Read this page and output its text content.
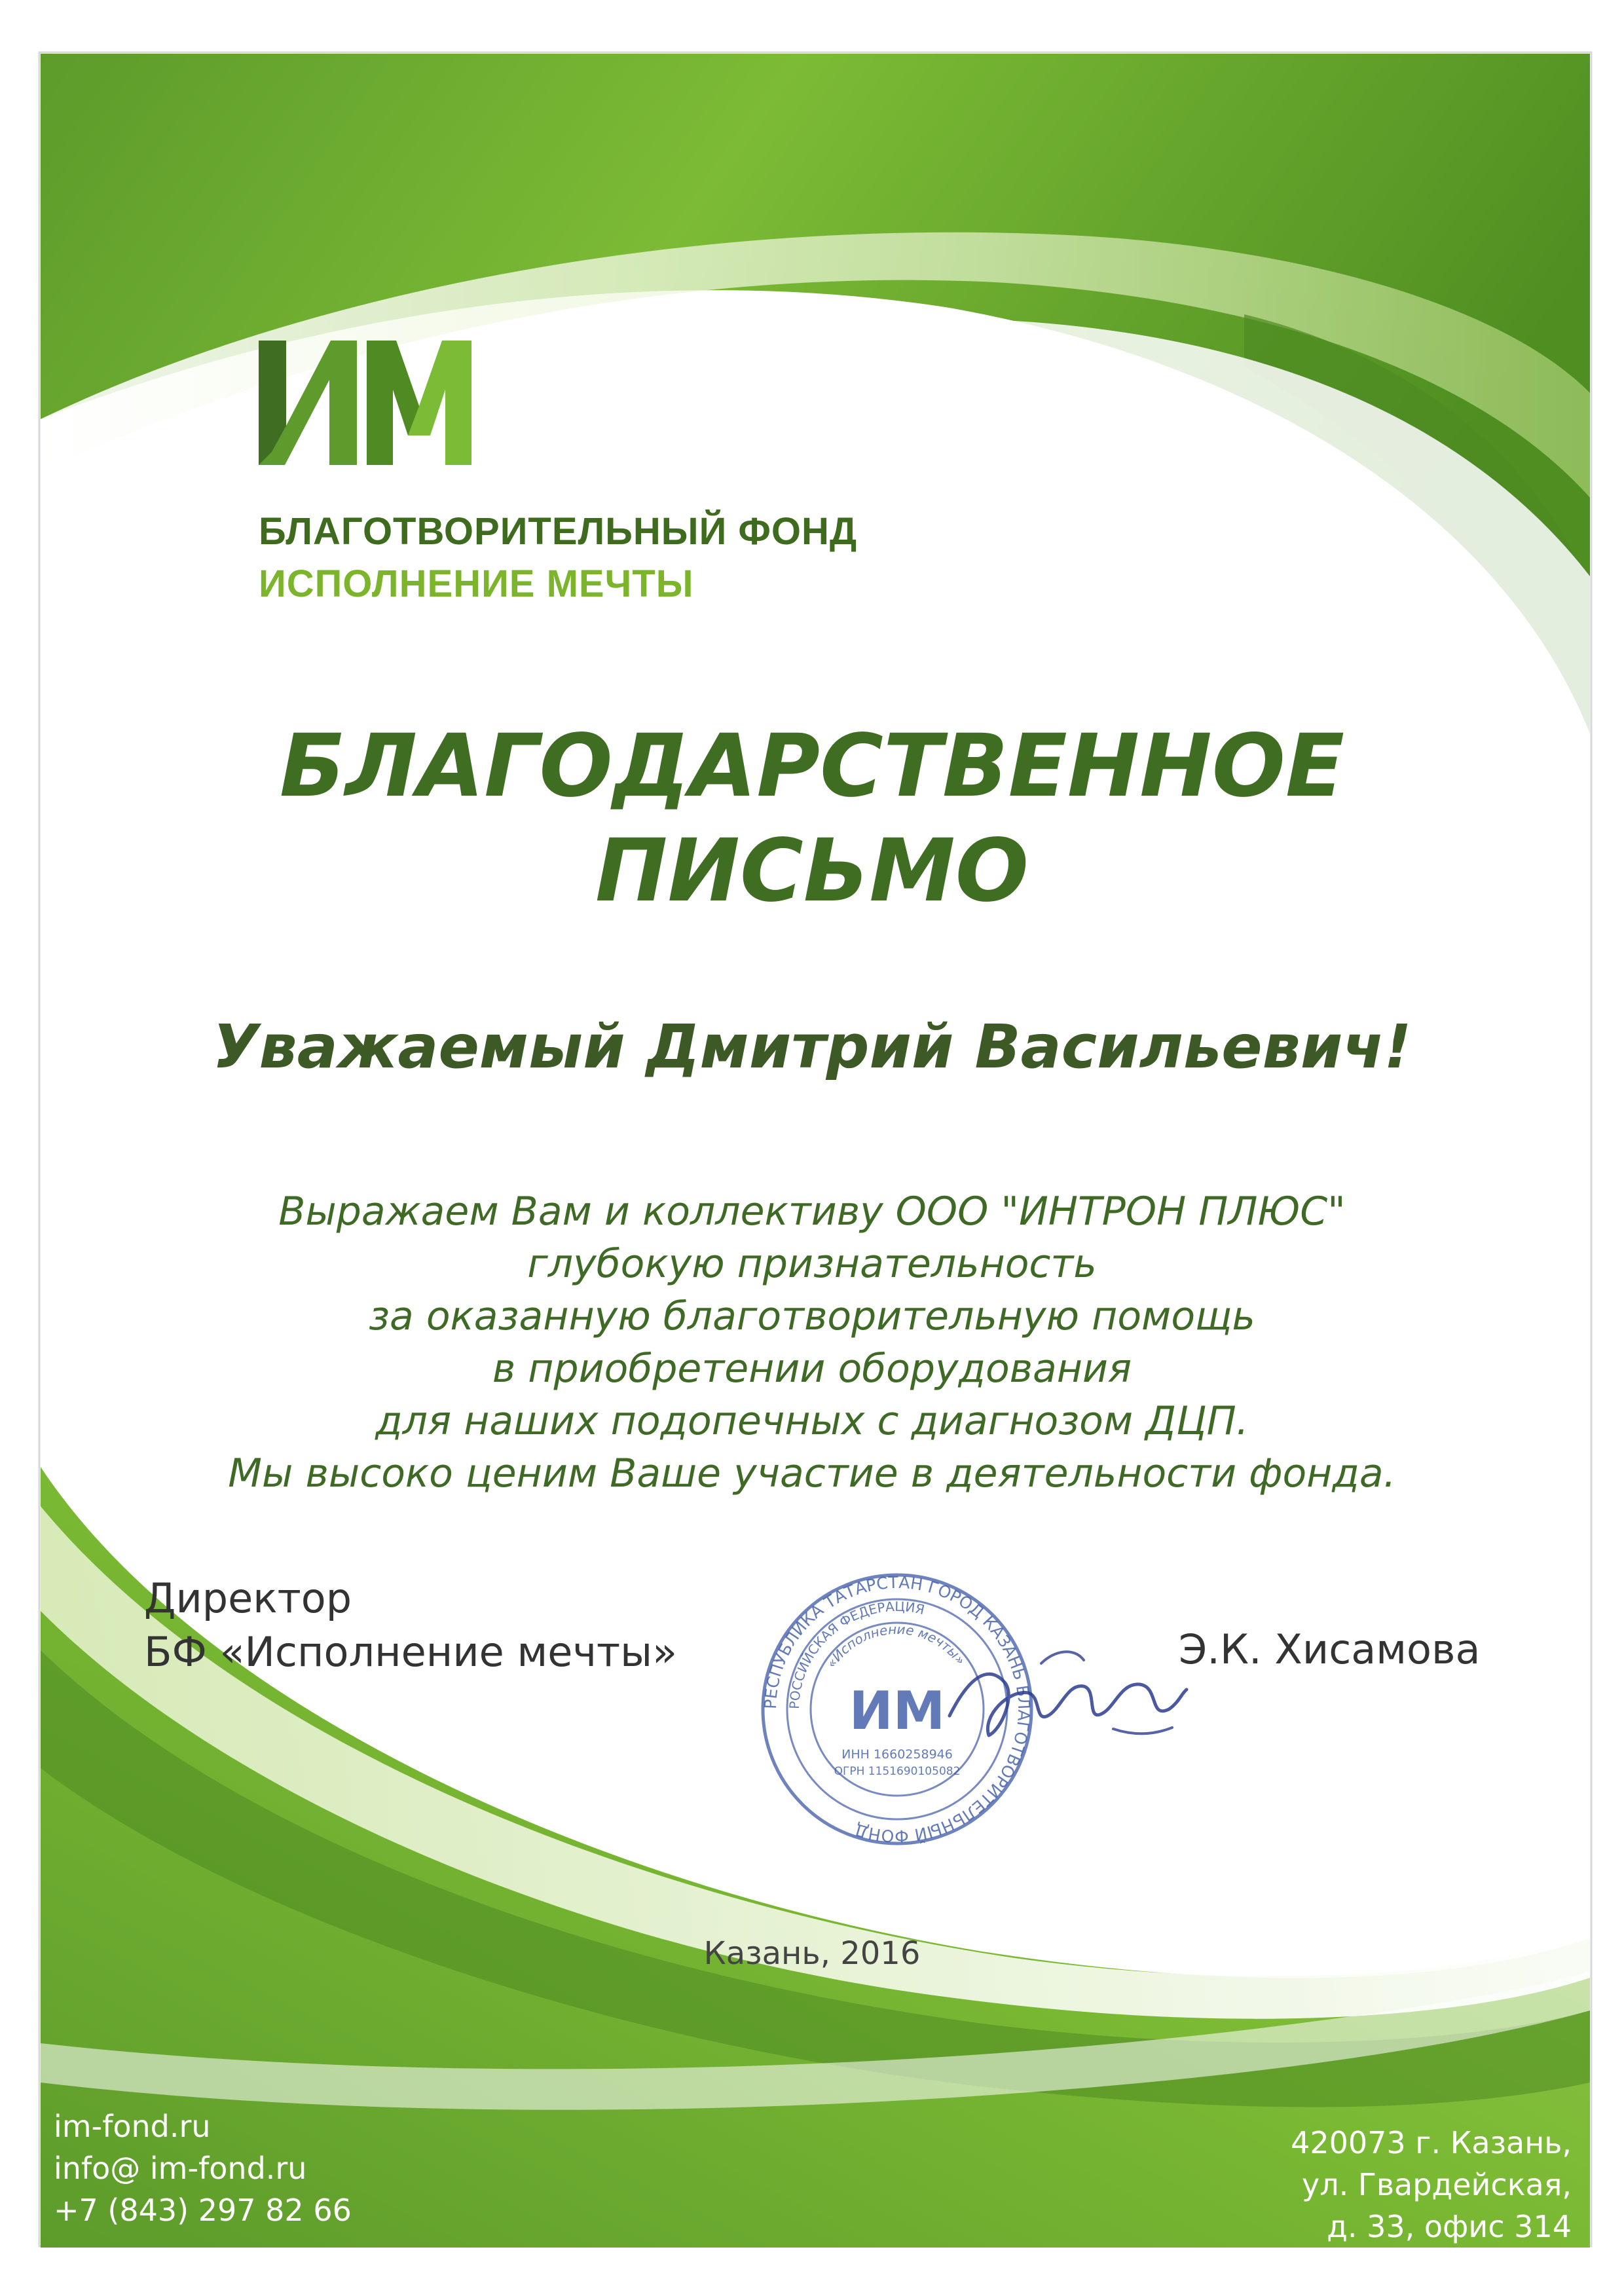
БЛАГОТВОРИТЕЛЬНЫЙ ФОНД
ИСПОЛНЕНИЕ МЕЧТЫ
БЛАГОДАРСТВЕННОЕ
ПИСЬМО
Уважаемый Дмитрий Васильевич!
Выражаем Вам и коллективу ООО "ИНТРОН ПЛЮС"
глубокую признательность
за оказанную благотворительную помощь
в приобретении оборудования
для наших подопечных с диагнозом ДЦП.
Мы высоко ценим Ваше участие в деятельности фонда.
Директор
БФ «Исполнение мечты»
РЕСПУБЛИКА ТАТАРСТАН ГОРОД КАЗАНЬ БЛАГОТВОРИТЕЛЬНЫЙ ФОНД
РОССИЙСКАЯ ФЕДЕРАЦИЯ
«Исполнение мечты»
ИМ
ИНН 1660258946
ОГРН 1151690105082
Э.К. Хисамова
Казань, 2016
im-fond.ru
info@ im-fond.ru
+7 (843) 297 82 66
420073 г. Казань,
ул. Гвардейская,
д. 33, офис 314
